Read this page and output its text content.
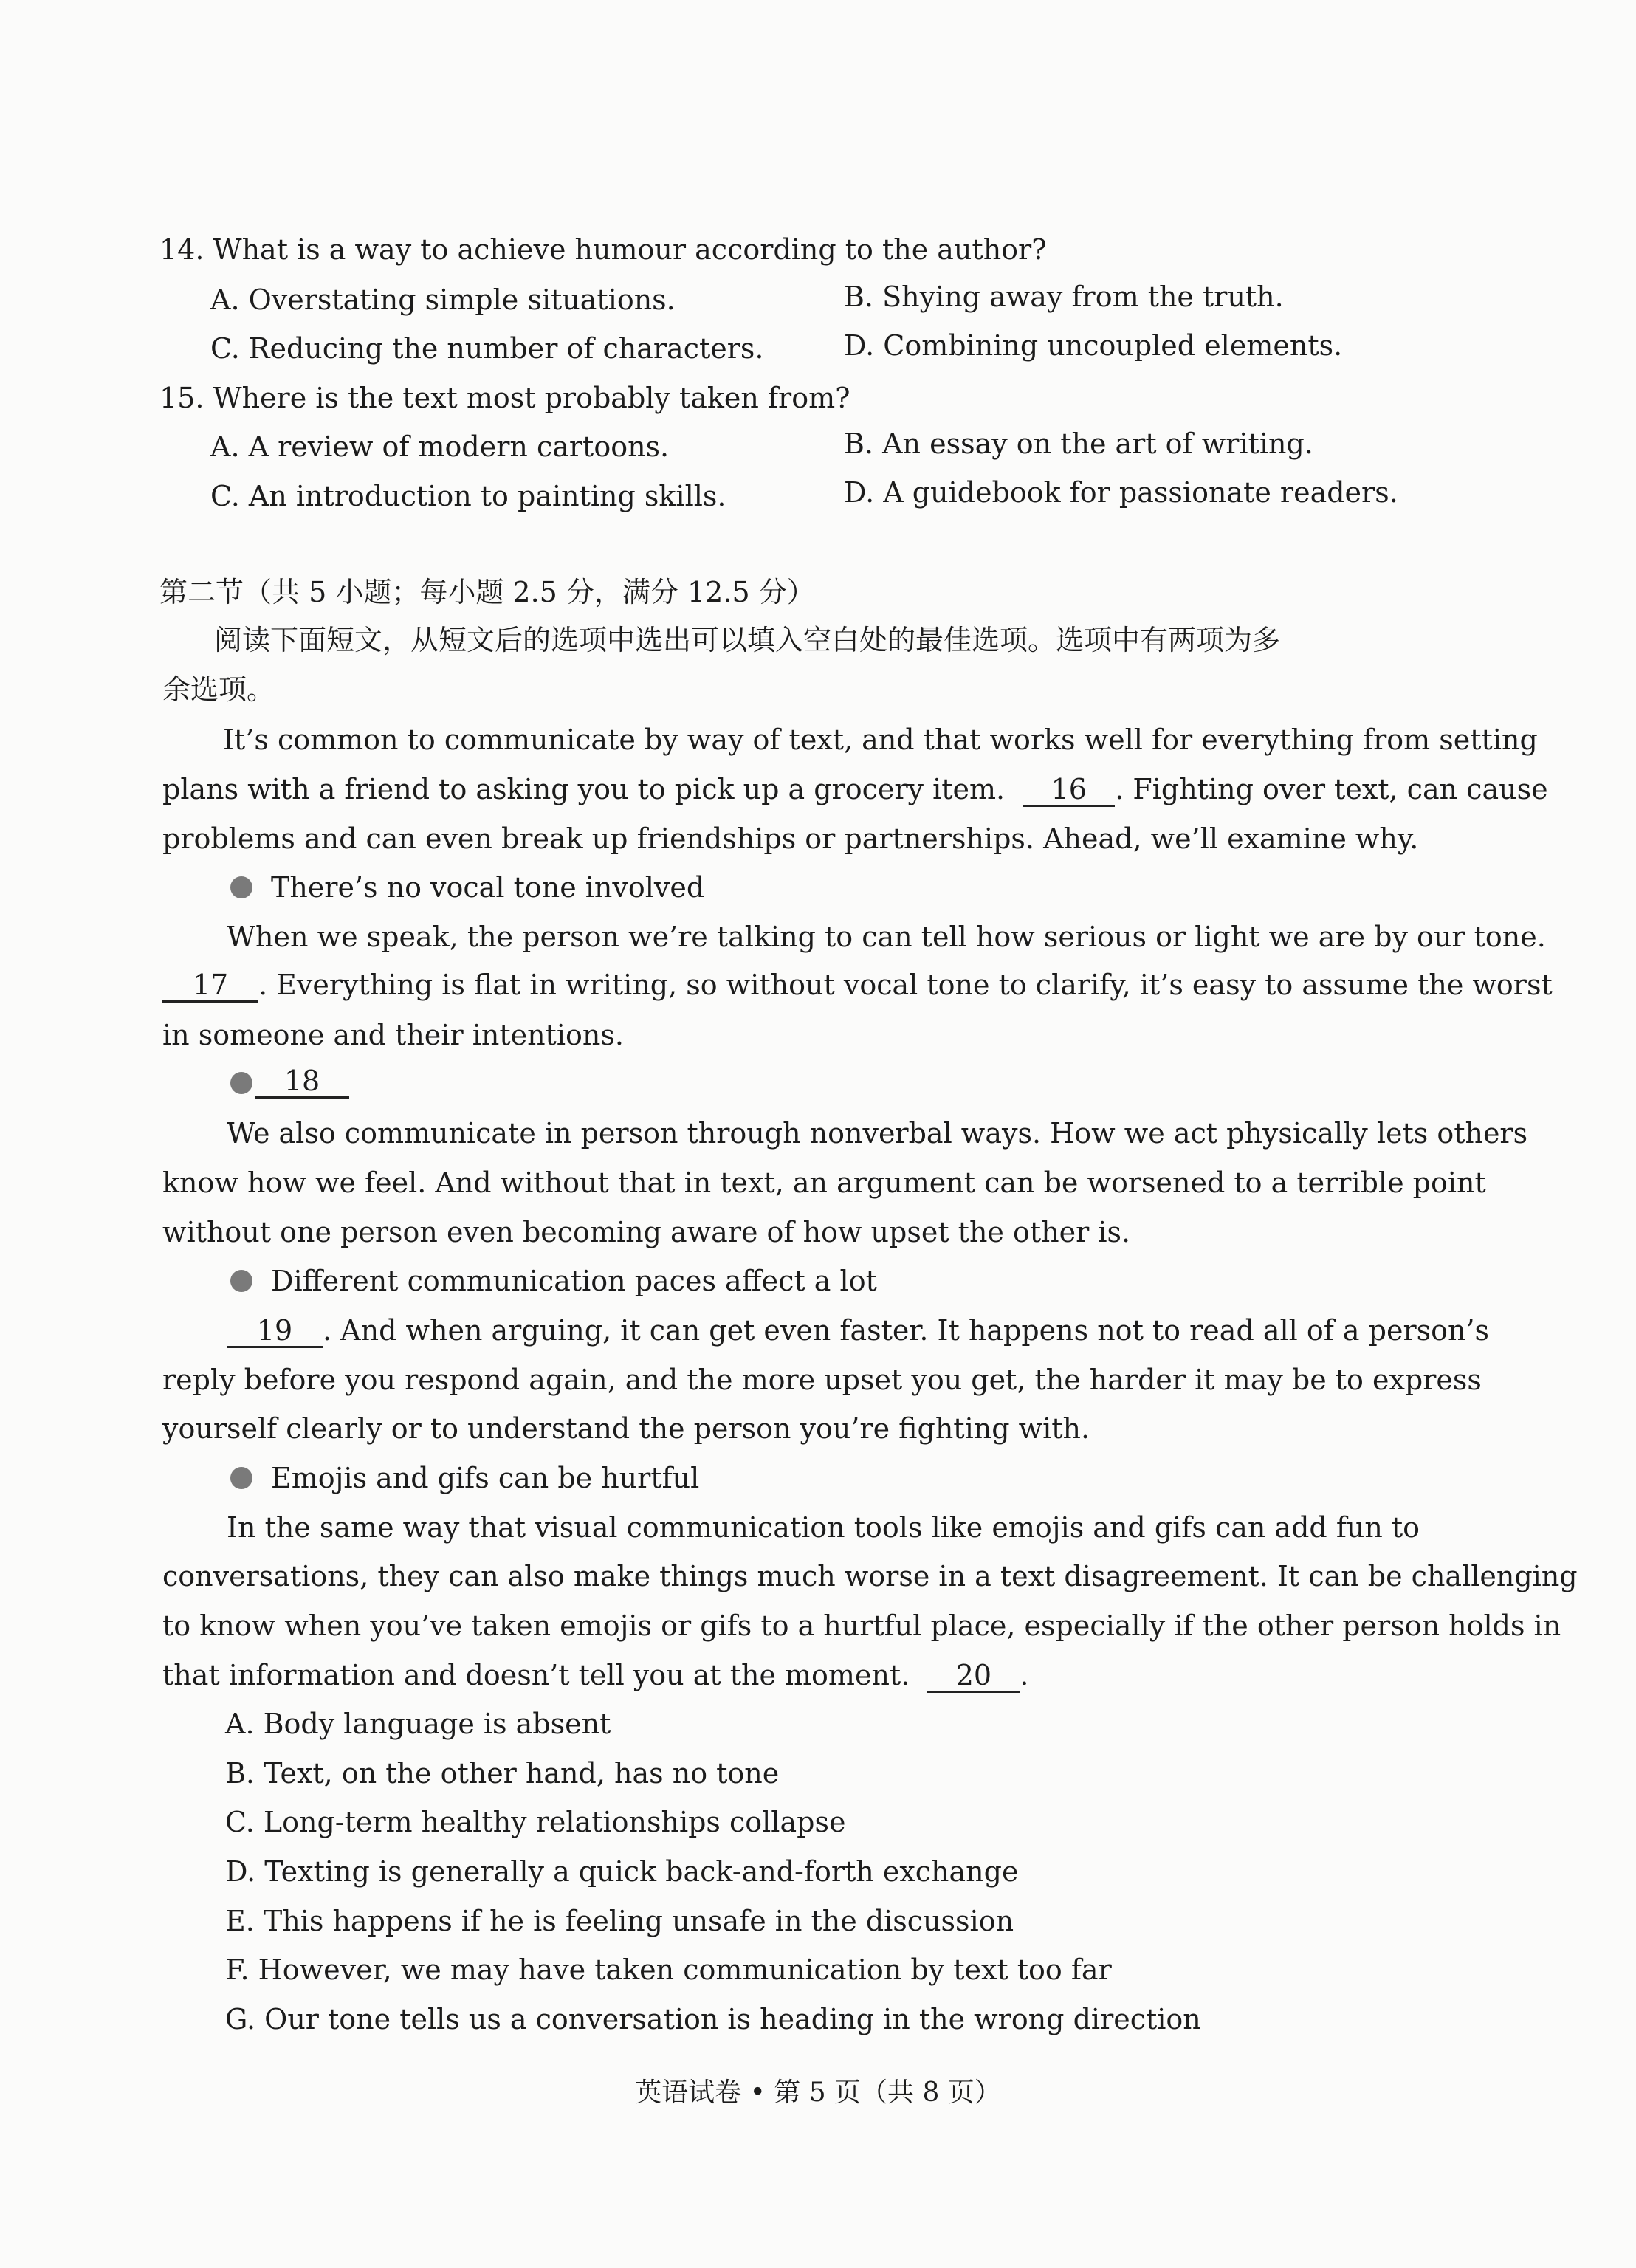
14. What is a way to achieve humour according to the author?

A. Overstating simple situations.	B. Shying away from the truth.

C. Reducing the number of characters.	D. Combining uncoupled elements.

15. Where is the text most probably taken from?

A. A review of modern cartoons.	B. An essay on the art of writing.

C. An introduction to painting skills.	D. A guidebook for passionate readers.

第二节（共 5 小题；每小题 2.5 分，满分 12.5 分）

阅读下面短文，从短文后的选项中选出可以填入空白处的最佳选项。选项中有两项为多

余选项。

It’s common to communicate by way of text, and that works well for everything from setting

plans with a friend to asking you to pick up a grocery item. 16 . Fighting over text, can cause

problems and can even break up friendships or partnerships. Ahead, we’ll examine why.

There’s no vocal tone involved

When we speak, the person we’re talking to can tell how serious or light we are by our tone.

17 . Everything is flat in writing, so without vocal tone to clarify, it’s easy to assume the worst

in someone and their intentions.

18

We also communicate in person through nonverbal ways. How we act physically lets others

know how we feel. And without that in text, an argument can be worsened to a terrible point

without one person even becoming aware of how upset the other is.

Different communication paces affect a lot

19 . And when arguing, it can get even faster. It happens not to read all of a person’s

reply before you respond again, and the more upset you get, the harder it may be to express

yourself clearly or to understand the person you’re fighting with.

Emojis and gifs can be hurtful

In the same way that visual communication tools like emojis and gifs can add fun to

conversations, they can also make things much worse in a text disagreement. It can be challenging

to know when you’ve taken emojis or gifs to a hurtful place, especially if the other person holds in

that information and doesn’t tell you at the moment. 20 .

A. Body language is absent

B. Text, on the other hand, has no tone

C. Long-term healthy relationships collapse

D. Texting is generally a quick back-and-forth exchange

E. This happens if he is feeling unsafe in the discussion

F. However, we may have taken communication by text too far

G. Our tone tells us a conversation is heading in the wrong direction

英语试卷 • 第 5 页（共 8 页）
